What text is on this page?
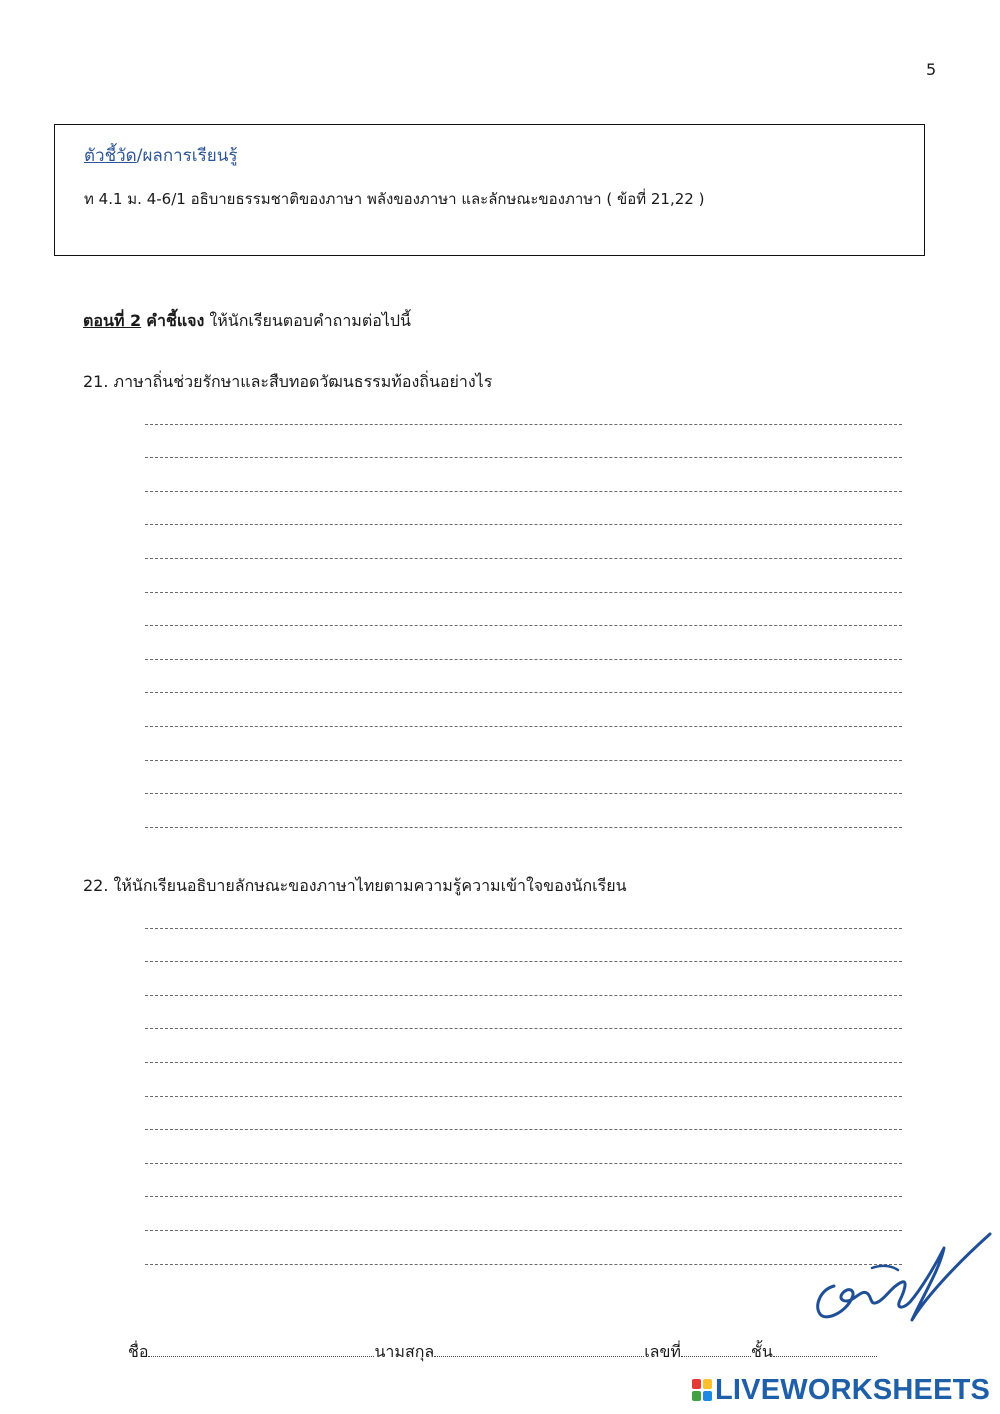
5
ตัวชี้วัด/ผลการเรียนรู้
ท 4.1 ม. 4-6/1 อธิบายธรรมชาติของภาษา พลังของภาษา และลักษณะของภาษา ( ข้อที่ 21,22 )
ตอนที่ 2 คำชี้แจง ให้นักเรียนตอบคำถามต่อไปนี้
21. ภาษาถิ่นช่วยรักษาและสืบทอดวัฒนธรรมท้องถิ่นอย่างไร
22. ให้นักเรียนอธิบายลักษณะของภาษาไทยตามความรู้ความเข้าใจของนักเรียน
ชื่อ	นามสกุล	เลขที่	ชั้น
LIVEWORKSHEETS
